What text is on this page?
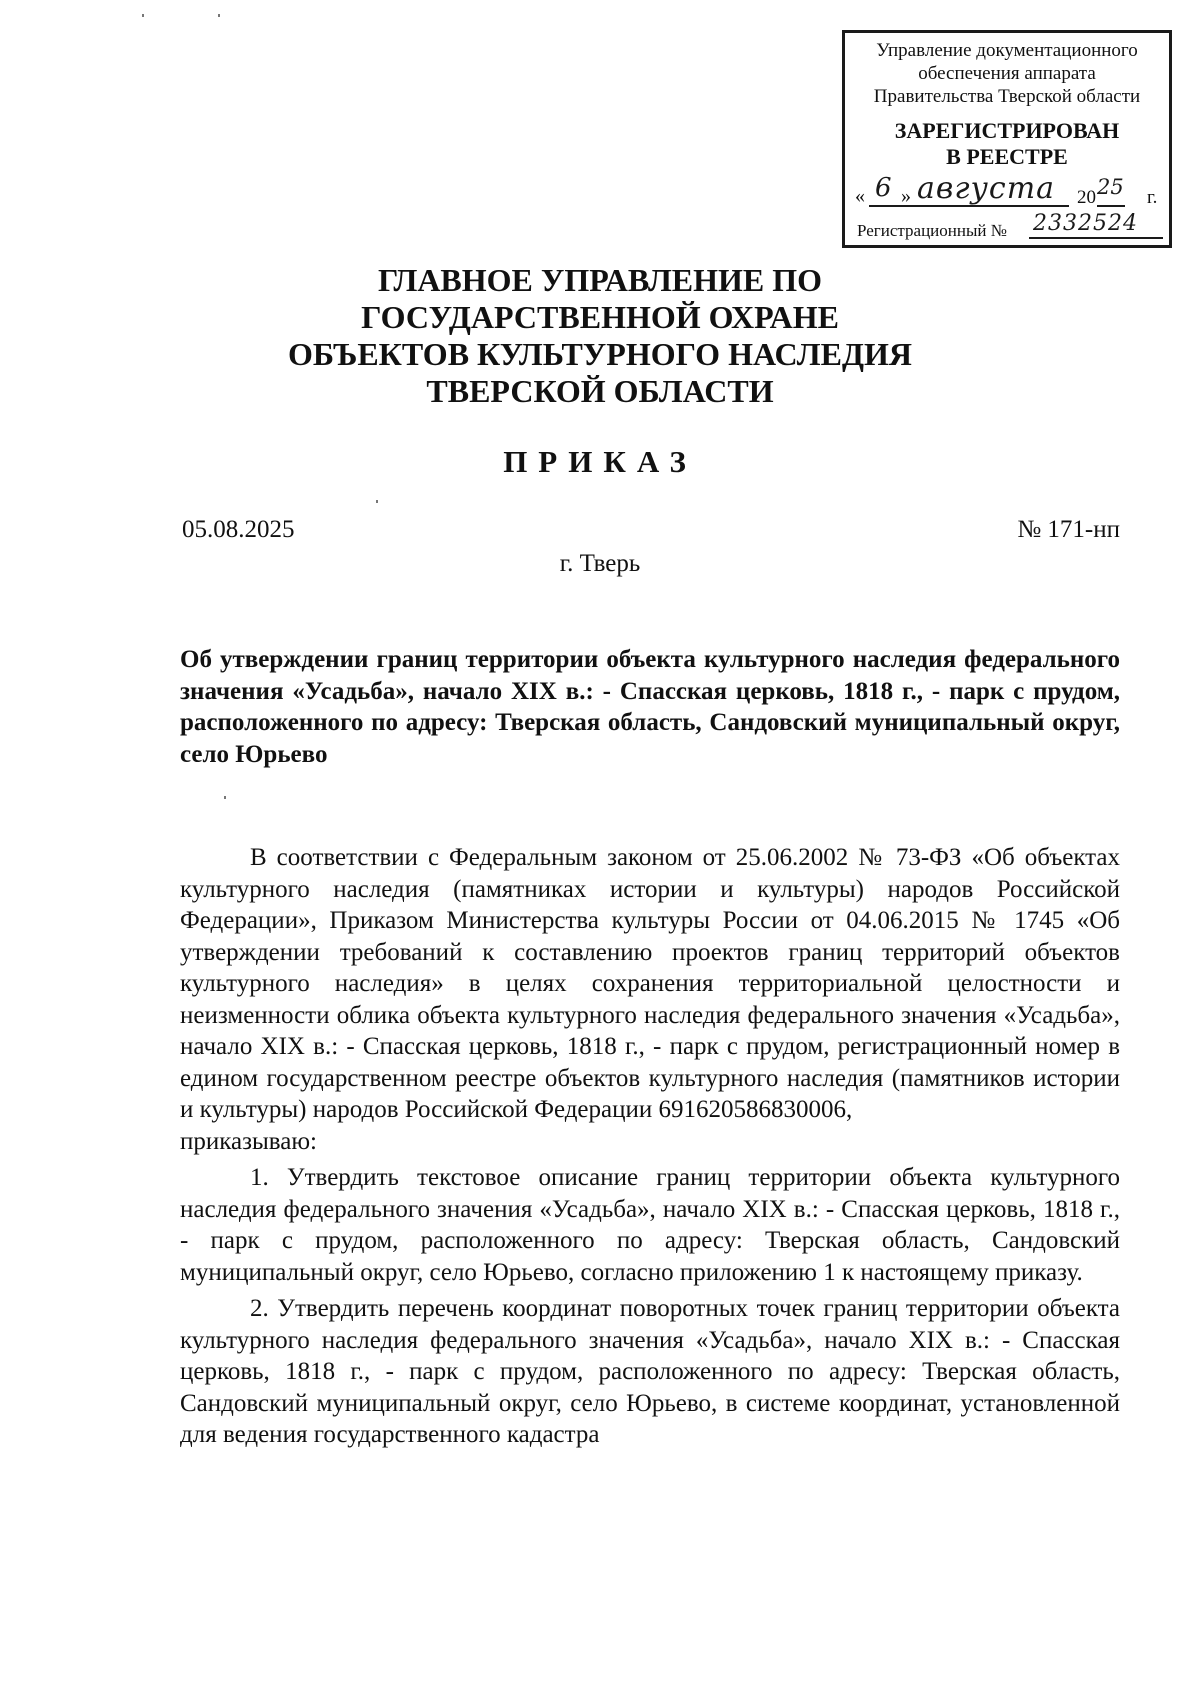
Управление документационного
обеспечения аппарата
Правительства Тверской области
ЗАРЕГИСТРИРОВАН
В РЕЕСТРЕ
« 6 » августа 20 25 г.
Регистрационный № 2332524
ГЛАВНОЕ УПРАВЛЕНИЕ ПО
ГОСУДАРСТВЕННОЙ ОХРАНЕ
ОБЪЕКТОВ КУЛЬТУРНОГО НАСЛЕДИЯ
ТВЕРСКОЙ ОБЛАСТИ
ПРИКАЗ
05.08.2025	№ 171-нп
г. Тверь
Об утверждении границ территории объекта культурного наследия федерального значения «Усадьба», начало XIX в.: - Спасская церковь, 1818 г., - парк с прудом, расположенного по адресу: Тверская область, Сандовский муниципальный округ, село Юрьево

В соответствии с Федеральным законом от 25.06.2002 № 73-ФЗ «Об объектах культурного наследия (памятниках истории и культуры) народов Российской Федерации», Приказом Министерства культуры России от 04.06.2015 № 1745 «Об утверждении требований к составлению проектов границ территорий объектов культурного наследия» в целях сохранения территориальной целостности и неизменности облика объекта культурного наследия федерального значения «Усадьба», начало XIX в.: - Спасская церковь, 1818 г., - парк с прудом, регистрационный номер в едином государственном реестре объектов культурного наследия (памятников истории и культуры) народов Российской Федерации 691620586830006,

приказываю:

1. Утвердить текстовое описание границ территории объекта культурного наследия федерального значения «Усадьба», начало XIX в.: - Спасская церковь, 1818 г., - парк с прудом, расположенного по адресу: Тверская область, Сандовский муниципальный округ, село Юрьево, согласно приложению 1 к настоящему приказу.

2. Утвердить перечень координат поворотных точек границ территории объекта культурного наследия федерального значения «Усадьба», начало XIX в.: - Спасская церковь, 1818 г., - парк с прудом, расположенного по адресу: Тверская область, Сандовский муниципальный округ, село Юрьево, в системе координат, установленной для ведения государственного кадастра
